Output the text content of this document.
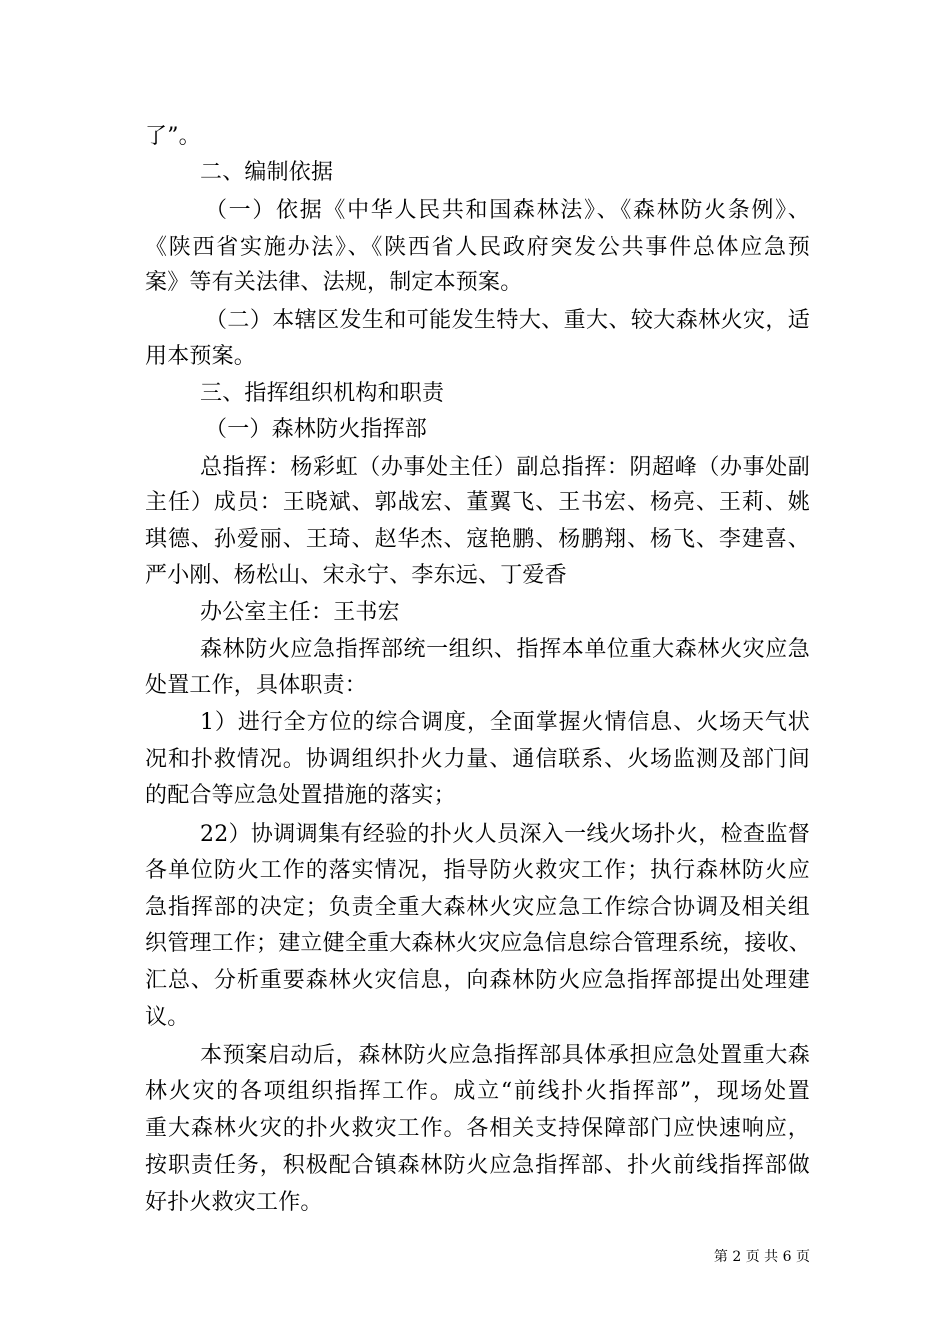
了”。
二、编制依据
（一）依据《中华人民共和国森林法》、《森林防火条例》、
《陕西省实施办法》、《陕西省人民政府突发公共事件总体应急预
案》等有关法律、法规，制定本预案。
（二）本辖区发生和可能发生特大、重大、较大森林火灾，适
用本预案。
三、指挥组织机构和职责
（一）森林防火指挥部
总指挥：杨彩虹（办事处主任）副总指挥：阴超峰（办事处副
主任）成员：王晓斌、郭战宏、董翼飞、王书宏、杨亮、王莉、姚
琪德、孙爱丽、王琦、赵华杰、寇艳鹏、杨鹏翔、杨飞、李建喜、
严小刚、杨松山、宋永宁、李东远、丁爱香
办公室主任：王书宏
森林防火应急指挥部统一组织、指挥本单位重大森林火灾应急
处置工作，具体职责：
1）进行全方位的综合调度，全面掌握火情信息、火场天气状
况和扑救情况。协调组织扑火力量、通信联系、火场监测及部门间
的配合等应急处置措施的落实；
22）协调调集有经验的扑火人员深入一线火场扑火，检查监督
各单位防火工作的落实情况，指导防火救灾工作；执行森林防火应
急指挥部的决定；负责全重大森林火灾应急工作综合协调及相关组
织管理工作；建立健全重大森林火灾应急信息综合管理系统，接收、
汇总、分析重要森林火灾信息，向森林防火应急指挥部提出处理建
议。
本预案启动后，森林防火应急指挥部具体承担应急处置重大森
林火灾的各项组织指挥工作。成立“前线扑火指挥部”，现场处置
重大森林火灾的扑火救灾工作。各相关支持保障部门应快速响应，
按职责任务，积极配合镇森林防火应急指挥部、扑火前线指挥部做
好扑火救灾工作。
第 2 页 共 6 页
